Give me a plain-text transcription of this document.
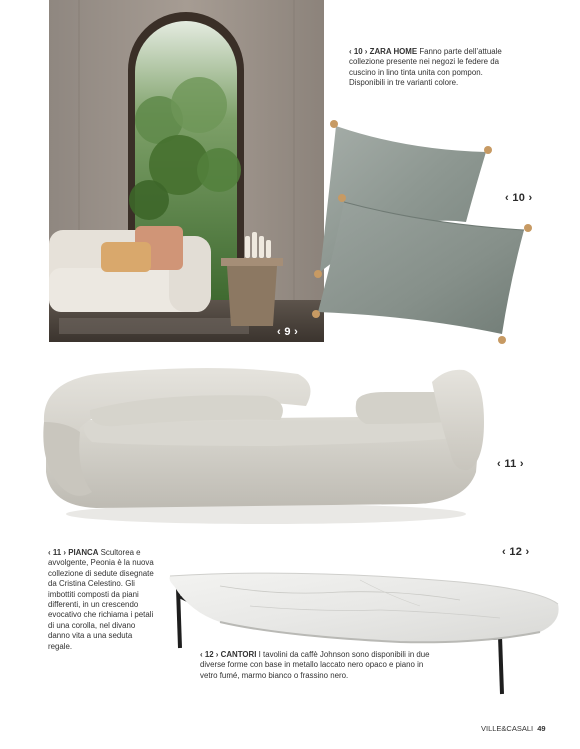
‹ 9 ›
‹ 10 ›
‹ 10 › ZARA HOME Fanno parte dell’attuale collezione presente nei negozi le federe da cuscino in lino tinta unita con pompon. Disponibili in tre varianti colore.
‹ 11 ›
‹ 11 › PIANCA Scultorea e avvolgente, Peonia è la nuova collezione di sedute disegnate da Cristina Celestino. Gli imbottiti composti da piani differenti, in un crescendo evocativo che richiama i petali di una corolla, nel divano danno vita a una seduta regale.
‹ 12 ›
‹ 12 › CANTORI I tavolini da caffè Johnson sono disponibili in due diverse forme con base in metallo laccato nero opaco e piano in vetro fumé, marmo bianco o frassino nero.
VILLE&CASALI 49
